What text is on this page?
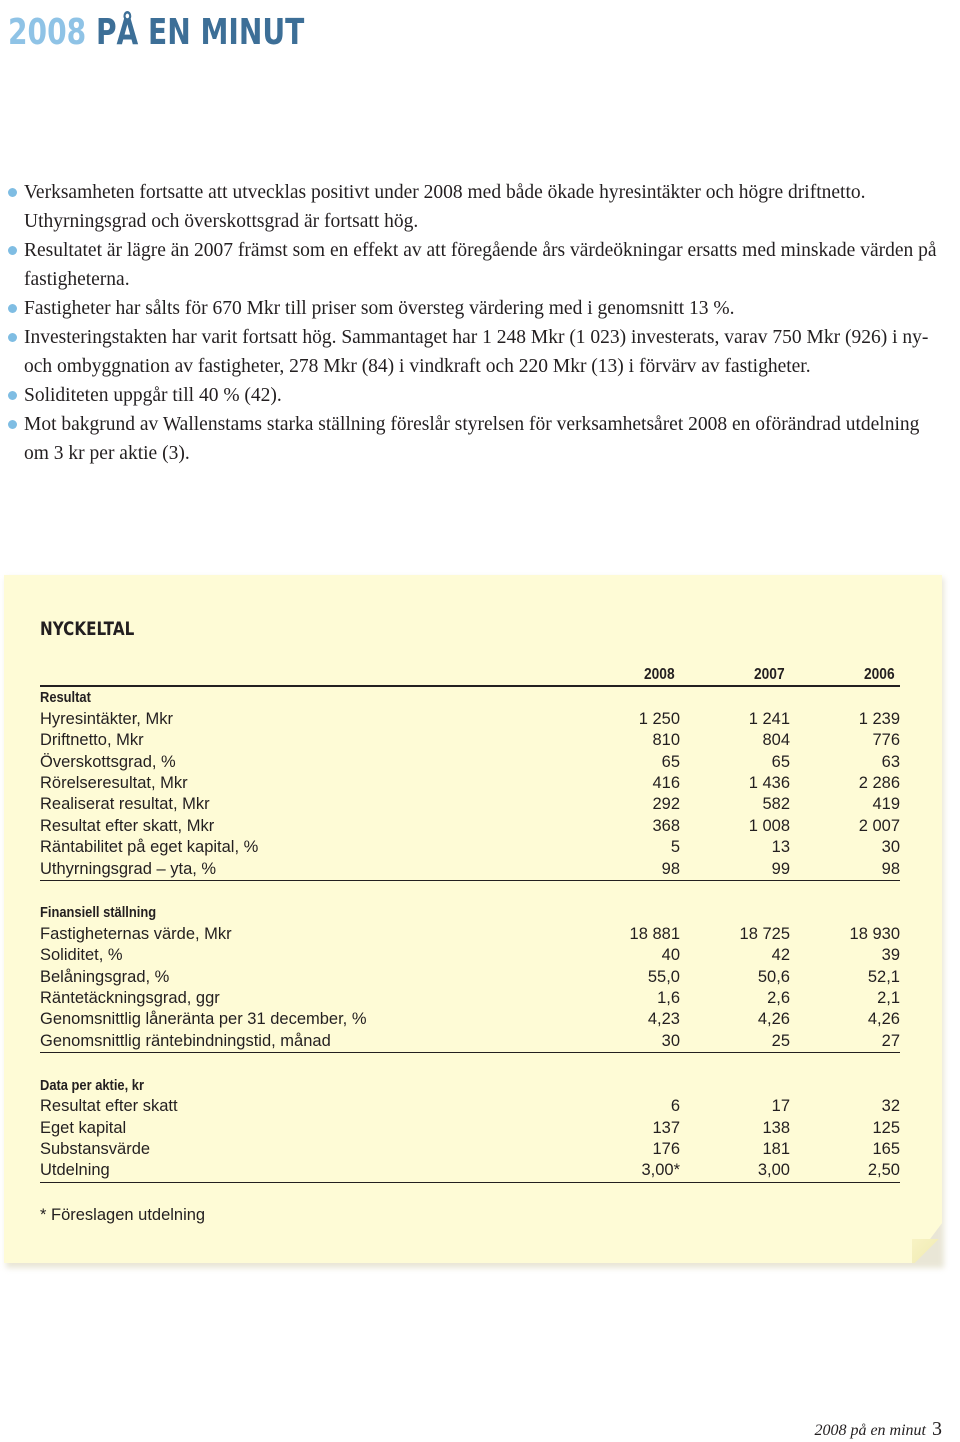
2008 PÅ EN MINUT
Verksamheten fortsatte att utvecklas positivt under 2008 med både ökade hyresintäkter och högre driftnetto. Uthyrningsgrad och överskottsgrad är fortsatt hög.
Resultatet är lägre än 2007 främst som en effekt av att föregående års värdeökningar ersatts med minskade värden på fastigheterna.
Fastigheter har sålts för 670 Mkr till priser som översteg värdering med i genomsnitt 13 %.
Investeringstakten har varit fortsatt hög. Sammantaget har 1 248 Mkr (1 023) investerats, varav 750 Mkr (926) i ny- och ombyggnation av fastigheter, 278 Mkr (84) i vindkraft och 220 Mkr (13) i förvärv av fastigheter.
Soliditeten uppgår till 40 % (42).
Mot bakgrund av Wallenstams starka ställning föreslår styrelsen för verksamhetsåret 2008 en oförändrad utdelning om 3 kr per aktie (3).
NYCKELTAL
	2008	2007	2006
Resultat			
Hyresintäkter, Mkr	1 250	1 241	1 239
Driftnetto, Mkr	810	804	776
Överskottsgrad, %	65	65	63
Rörelseresultat, Mkr	416	1 436	2 286
Realiserat resultat, Mkr	292	582	419
Resultat efter skatt, Mkr	368	1 008	2 007
Räntabilitet på eget kapital, %	5	13	30
Uthyrningsgrad – yta, %	98	99	98

Finansiell ställning			
Fastigheternas värde, Mkr	18 881	18 725	18 930
Soliditet, %	40	42	39
Belåningsgrad, %	55,0	50,6	52,1
Räntetäckningsgrad, ggr	1,6	2,6	2,1
Genomsnittlig låneränta per 31 december, %	4,23	4,26	4,26
Genomsnittlig räntebindningstid, månad	30	25	27

Data per aktie, kr			
Resultat efter skatt	6	17	32
Eget kapital	137	138	125
Substansvärde	176	181	165
Utdelning	3,00*	3,00	2,50

* Föreslagen utdelning

2008 på en minut 3
